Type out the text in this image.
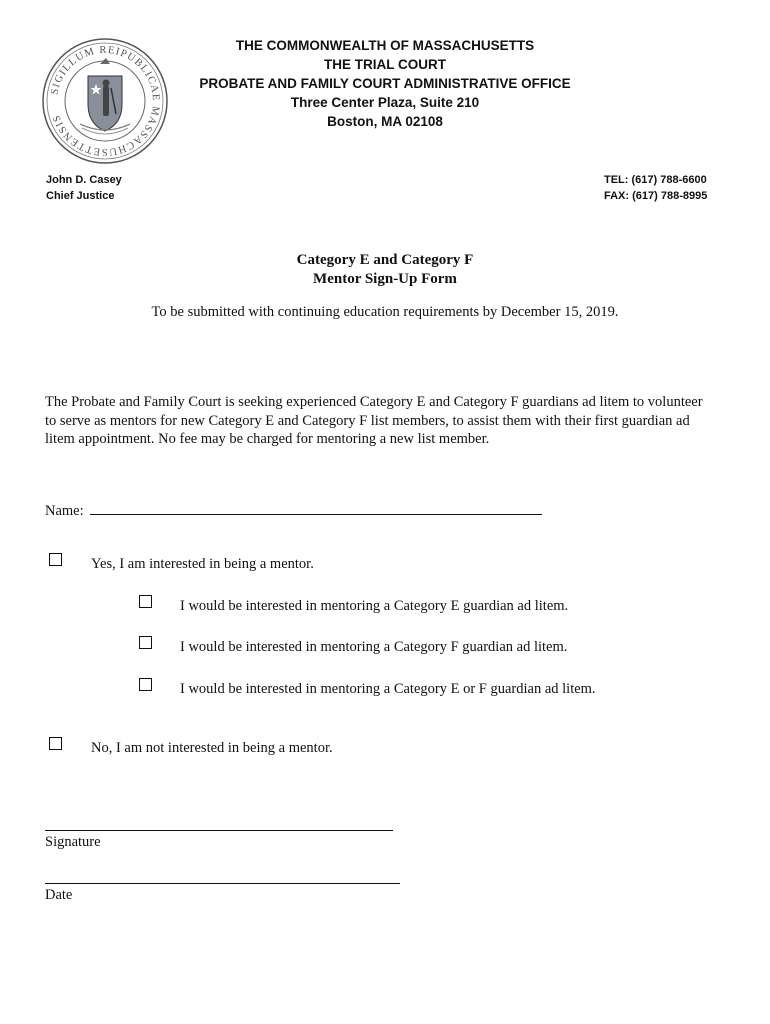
SIGILLUM REIPUBLICAE MASSACHUSETTENSIS
THE COMMONWEALTH OF MASSACHUSETTS
THE TRIAL COURT
PROBATE AND FAMILY COURT ADMINISTRATIVE OFFICE
Three Center Plaza, Suite 210
Boston, MA 02108
John D. Casey
Chief Justice
TEL: (617) 788-6600
FAX: (617) 788-8995
Category E and Category F
Mentor Sign-Up Form
To be submitted with continuing education requirements by December 15, 2019.
The Probate and Family Court is seeking experienced Category E and Category F guardians ad litem to volunteer to serve as mentors for new Category E and Category F list members, to assist them with their first guardian ad litem appointment. No fee may be charged for mentoring a new list member.
Name:
Yes, I am interested in being a mentor.
I would be interested in mentoring a Category E guardian ad litem.
I would be interested in mentoring a Category F guardian ad litem.
I would be interested in mentoring a Category E or F guardian ad litem.
No, I am not interested in being a mentor.
Signature
Date
